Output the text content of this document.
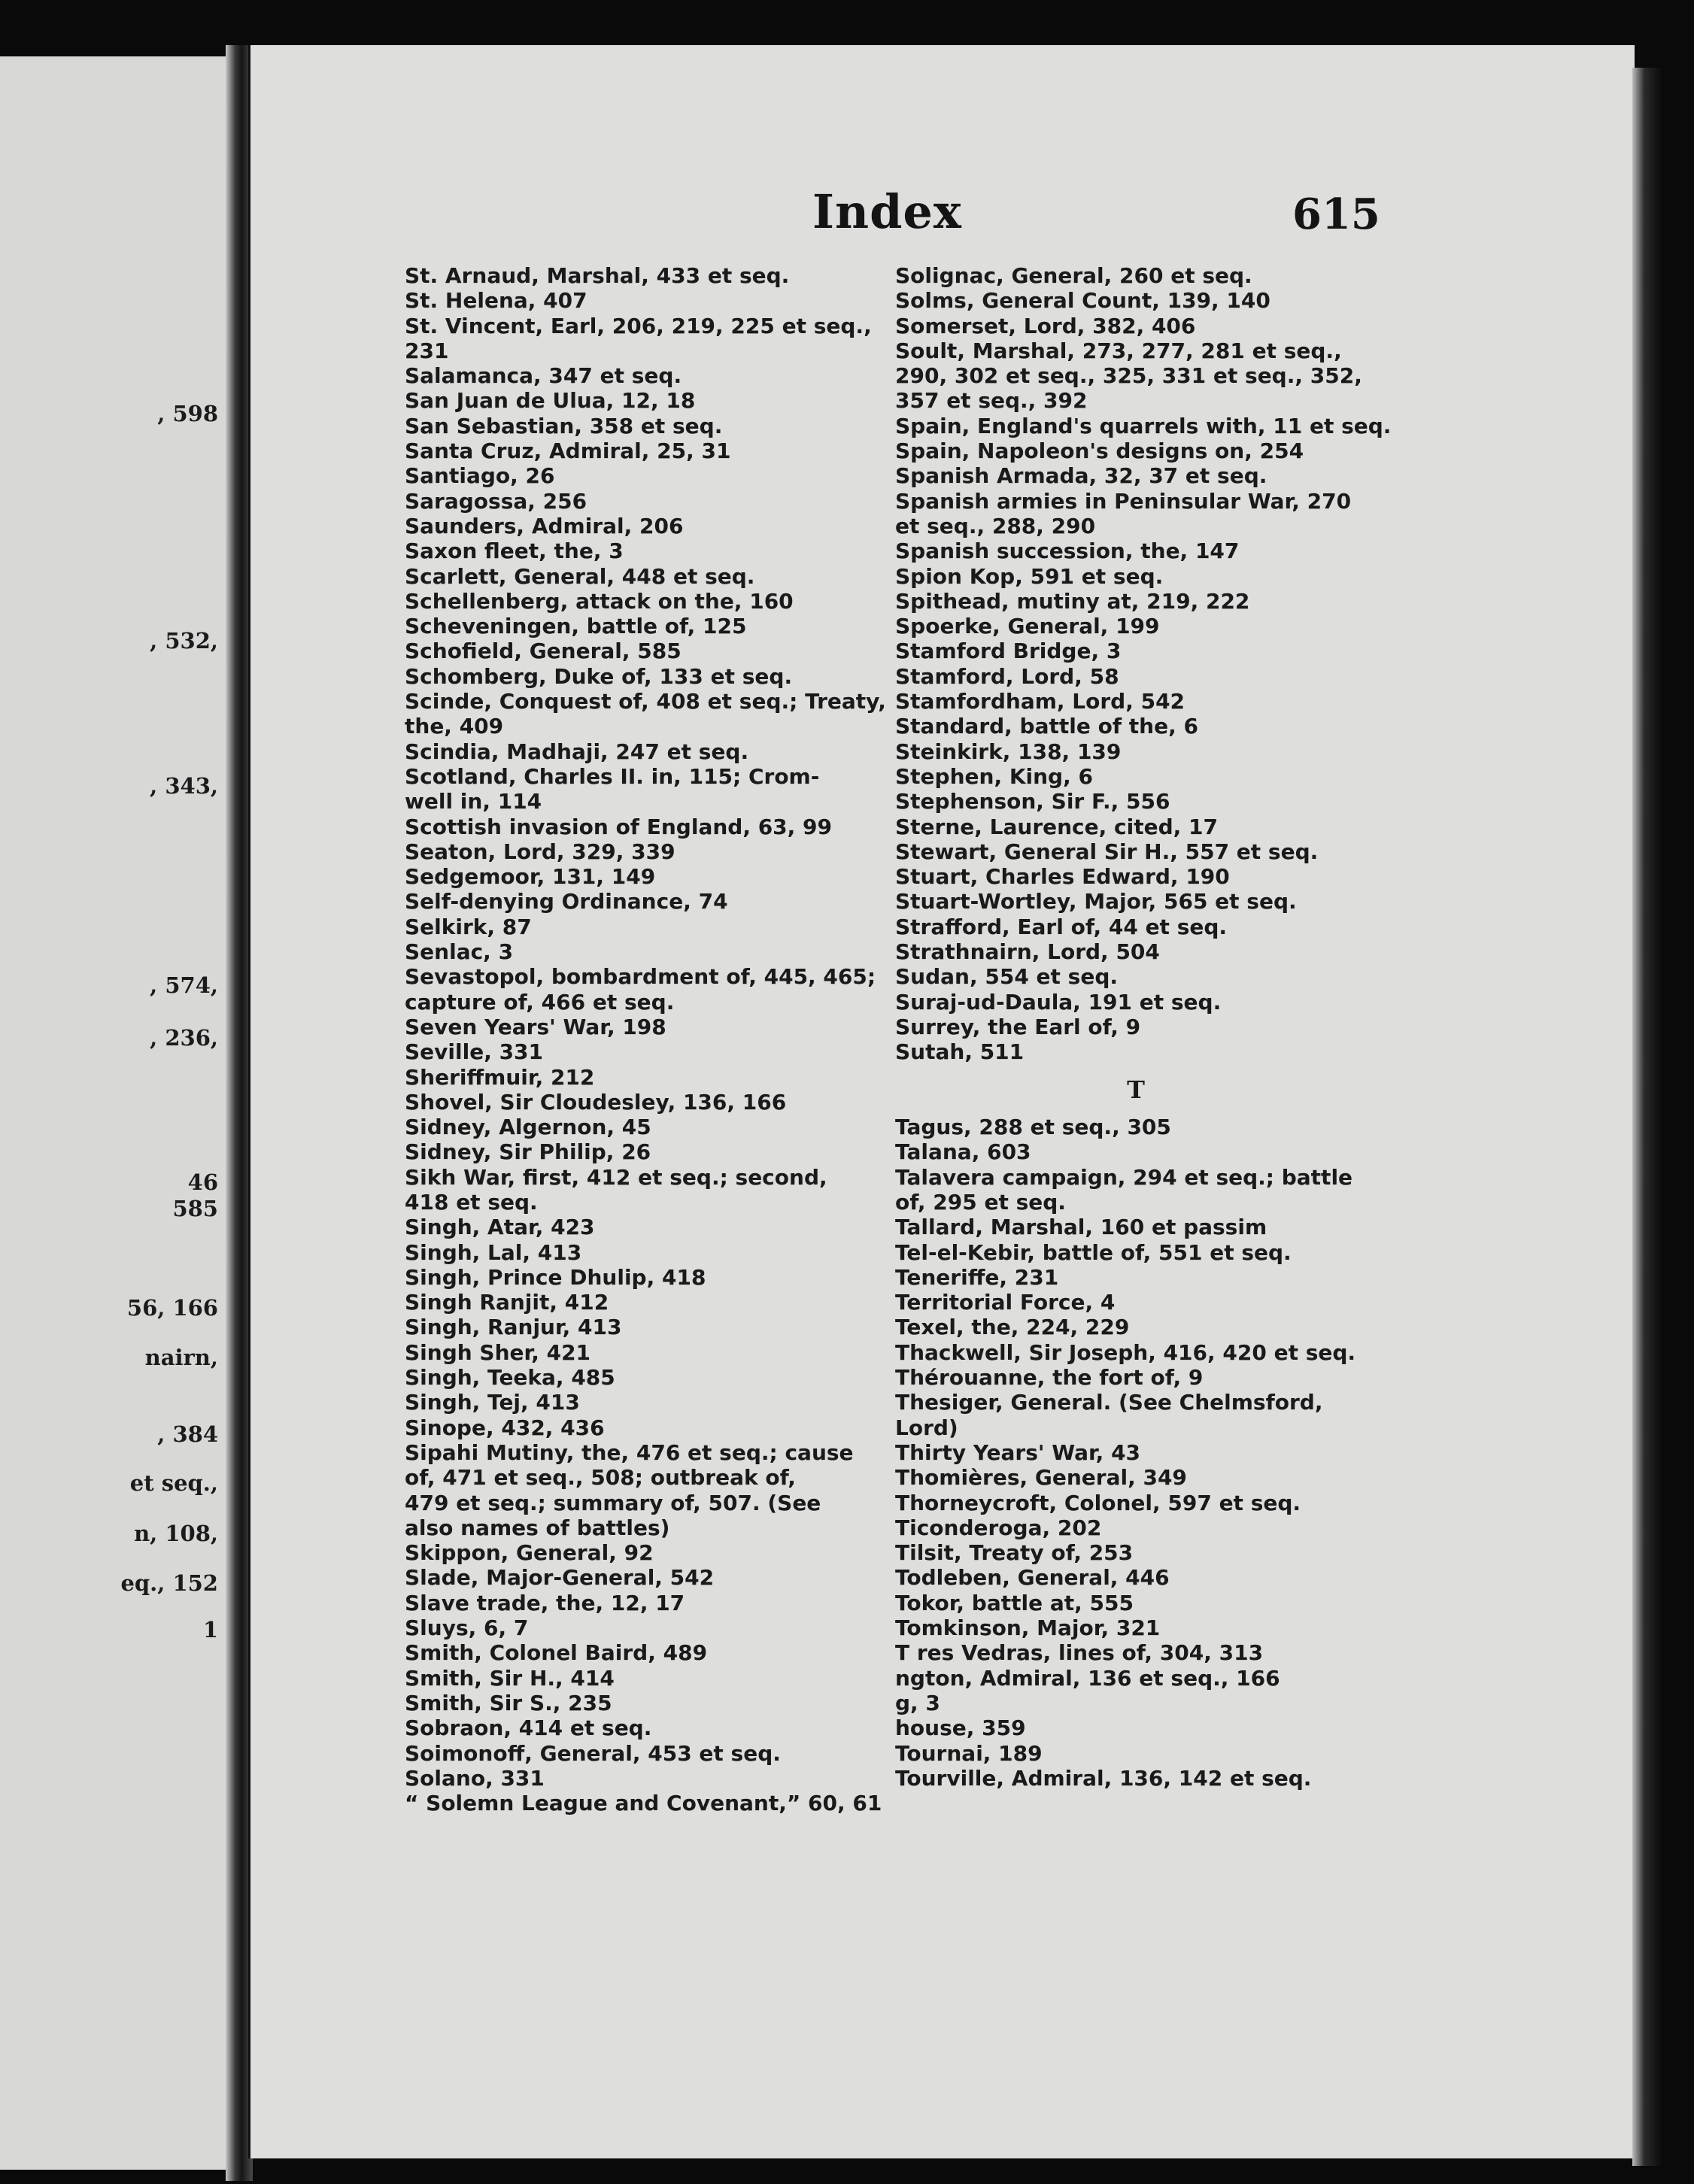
, 598
, 532,
, 343,
, 574,
, 236,
46
585
56, 166
nairn,
, 384
et seq.,
n, 108,
eq., 152
1
Index	615
St. Arnaud, Marshal, 433 et seq.
St. Helena, 407
St. Vincent, Earl, 206, 219, 225 et seq.,
231
Salamanca, 347 et seq.
San Juan de Ulua, 12, 18
San Sebastian, 358 et seq.
Santa Cruz, Admiral, 25, 31
Santiago, 26
Saragossa, 256
Saunders, Admiral, 206
Saxon fleet, the, 3
Scarlett, General, 448 et seq.
Schellenberg, attack on the, 160
Scheveningen, battle of, 125
Schofield, General, 585
Schomberg, Duke of, 133 et seq.
Scinde, Conquest of, 408 et seq.; Treaty,
the, 409
Scindia, Madhaji, 247 et seq.
Scotland, Charles II. in, 115; Crom-
well in, 114
Scottish invasion of England, 63, 99
Seaton, Lord, 329, 339
Sedgemoor, 131, 149
Self-denying Ordinance, 74
Selkirk, 87
Senlac, 3
Sevastopol, bombardment of, 445, 465;
capture of, 466 et seq.
Seven Years' War, 198
Seville, 331
Sheriffmuir, 212
Shovel, Sir Cloudesley, 136, 166
Sidney, Algernon, 45
Sidney, Sir Philip, 26
Sikh War, first, 412 et seq.; second,
418 et seq.
Singh, Atar, 423
Singh, Lal, 413
Singh, Prince Dhulip, 418
Singh Ranjit, 412
Singh, Ranjur, 413
Singh Sher, 421
Singh, Teeka, 485
Singh, Tej, 413
Sinope, 432, 436
Sipahi Mutiny, the, 476 et seq.; cause
of, 471 et seq., 508; outbreak of,
479 et seq.; summary of, 507. (See
also names of battles)
Skippon, General, 92
Slade, Major-General, 542
Slave trade, the, 12, 17
Sluys, 6, 7
Smith, Colonel Baird, 489
Smith, Sir H., 414
Smith, Sir S., 235
Sobraon, 414 et seq.
Soimonoff, General, 453 et seq.
Solano, 331
“ Solemn League and Covenant,” 60, 61
Solignac, General, 260 et seq.
Solms, General Count, 139, 140
Somerset, Lord, 382, 406
Soult, Marshal, 273, 277, 281 et seq.,
290, 302 et seq., 325, 331 et seq., 352,
357 et seq., 392
Spain, England's quarrels with, 11 et seq.
Spain, Napoleon's designs on, 254
Spanish Armada, 32, 37 et seq.
Spanish armies in Peninsular War, 270
et seq., 288, 290
Spanish succession, the, 147
Spion Kop, 591 et seq.
Spithead, mutiny at, 219, 222
Spoerke, General, 199
Stamford Bridge, 3
Stamford, Lord, 58
Stamfordham, Lord, 542
Standard, battle of the, 6
Steinkirk, 138, 139
Stephen, King, 6
Stephenson, Sir F., 556
Sterne, Laurence, cited, 17
Stewart, General Sir H., 557 et seq.
Stuart, Charles Edward, 190
Stuart-Wortley, Major, 565 et seq.
Strafford, Earl of, 44 et seq.
Strathnairn, Lord, 504
Sudan, 554 et seq.
Suraj-ud-Daula, 191 et seq.
Surrey, the Earl of, 9
Sutah, 511
T
Tagus, 288 et seq., 305
Talana, 603
Talavera campaign, 294 et seq.; battle
of, 295 et seq.
Tallard, Marshal, 160 et passim
Tel-el-Kebir, battle of, 551 et seq.
Teneriffe, 231
Territorial Force, 4
Texel, the, 224, 229
Thackwell, Sir Joseph, 416, 420 et seq.
Thérouanne, the fort of, 9
Thesiger, General. (See Chelmsford,
Lord)
Thirty Years' War, 43
Thomières, General, 349
Thorneycroft, Colonel, 597 et seq.
Ticonderoga, 202
Tilsit, Treaty of, 253
Todleben, General, 446
Tokor, battle at, 555
Tomkinson, Major, 321
T res Vedras, lines of, 304, 313
ngton, Admiral, 136 et seq., 166
g, 3
house, 359
Tournai, 189
Tourville, Admiral, 136, 142 et seq.
